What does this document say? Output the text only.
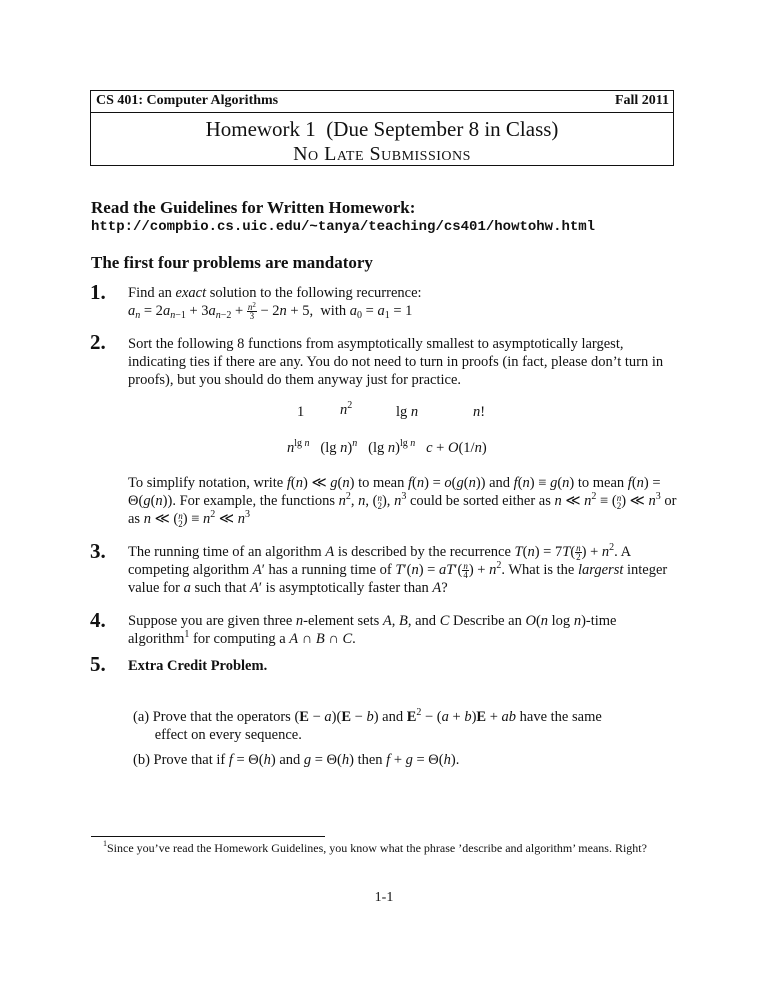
CS 401: Computer Algorithms	Fall 2011
Homework 1  (Due September 8 in Class)
No Late Submissions
Read the Guidelines for Written Homework:
http://compbio.cs.uic.edu/~tanya/teaching/cs401/howtohw.html
The first four problems are mandatory
1. Find an exact solution to the following recurrence:
$a_n = 2a_{n-1} + 3a_{n-2} + \frac{n^2}{3} - 2n + 5$,  with $a_0 = a_1 = 1$
2. Sort the following 8 functions from asymptotically smallest to asymptotically largest, indicating ties if there are any. You do not need to turn in proofs (in fact, please don’t turn in proofs), but you should do them anyway just for practice.
1 $n^2$	lg n	n!
$n^{lg n}$   (lg n)$^n$   (lg n)$^{lg n}$ c + O(1/n)
To simplify notation, write f(n) ≪ g(n) to mean f(n) = o(g(n)) and f(n) ≡ g(n) to mean f(n) = Θ(g(n)). For example, the functions $n^2$, n, (n
2), $n^3$ could be sorted either as n ≪ $n^2 \equiv (n$
2) ≪ $n^3$ or as n ≪ (n
$2) \equiv n^2$ ≪ $n^3$
3. The running time of an algorithm A is described by the recurrence $T(n) = 7T( \frac{n}{2}$ ) + $n^2$. A competing algorithm A′ has a running time of $T'(n) = aT'( \frac{n}{4}$ ) + $n^2$. What is the largerst integer value for a such that A′ is asymptotically faster than A?
4. Suppose you are given three n-element sets A, B, and C Describe an O(n log n)-time algorithm$^1$ for computing a A ∩ B ∩ C.
5. Extra Credit Problem.
(a) Prove that the operators (E − a)(E − b) and $E^2 - (a + b)E$ + ab have the same
effect on every sequence.
(b) Prove that if f = Θ(h) and g = Θ(h) then f + g = Θ(h).
$^1$Since you’ve read the Homework Guidelines, you know what the phrase ’describe and algorithm’ means. Right?
1-1
